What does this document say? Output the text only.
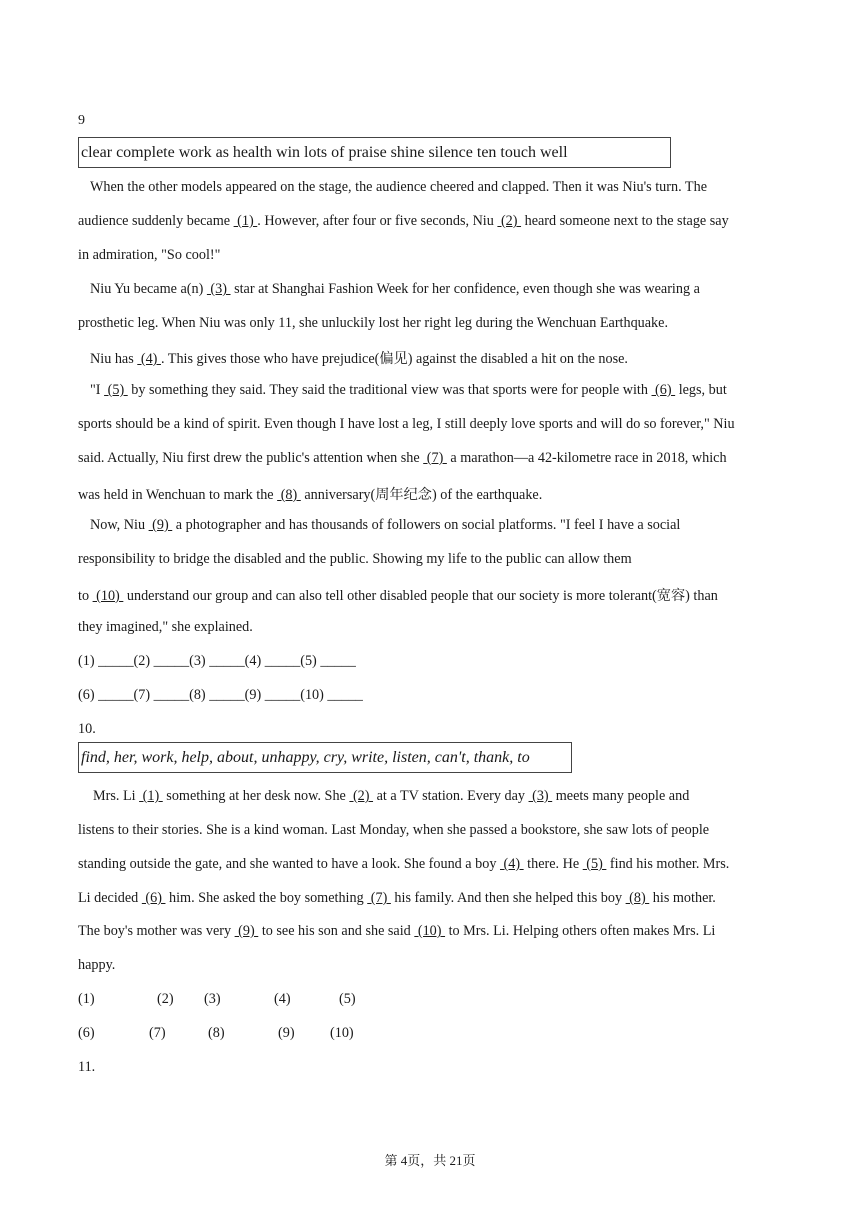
9
clear complete work as health win lots of praise shine silence ten touch well
When the other models appeared on the stage, the audience cheered and clapped. Then it was Niu's turn. The
audience suddenly became  (1) . However, after four or five seconds, Niu  (2)  heard someone next to the stage say
in admiration, "So cool!"
Niu Yu became a(n)  (3)  star at Shanghai Fashion Week for her confidence, even though she was wearing a
prosthetic leg. When Niu was only 11, she unluckily lost her right leg during the Wenchuan Earthquake.
Niu has  (4) . This gives those who have prejudice(偏见) against the disabled a hit on the nose.
"I  (5)  by something they said. They said the traditional view was that sports were for people with  (6)  legs, but
sports should be a kind of spirit. Even though I have lost a leg, I still deeply love sports and will do so forever," Niu
said. Actually, Niu first drew the public's attention when she  (7)  a marathon—a 42-kilometre race in 2018, which
was held in Wenchuan to mark the  (8)  anniversary(周年纪念) of the earthquake.
Now, Niu  (9)  a photographer and has thousands of followers on social platforms. "I feel I have a social
responsibility to bridge the disabled and the public. Showing my life to the public can allow them
to  (10)  understand our group and can also tell other disabled people that our society is more tolerant(宽容) than
they imagined," she explained.
(1) _____(2) _____(3) _____(4) _____(5) _____
(6) _____(7) _____(8) _____(9) _____(10) _____
10.
find, her, work, help, about, unhappy, cry, write, listen, can't, thank, to
Mrs. Li  (1)  something at her desk now. She  (2)  at a TV station. Every day  (3)  meets many people and
listens to their stories. She is a kind woman. Last Monday, when she passed a bookstore, she saw lots of people
standing outside the gate, and she wanted to have a look. She found a boy  (4)  there. He  (5)  find his mother. Mrs.
Li decided  (6)  him. She asked the boy something  (7)  his family. And then she helped this boy  (8)  his mother.
The boy's mother was very  (9)  to see his son and she said  (10)  to Mrs. Li. Helping others often makes Mrs. Li
happy.
(1)	(2) (3)	(4)	(5)
(6)	(7)	(8)	(9) (10)
11.
第 4页，共 21页
